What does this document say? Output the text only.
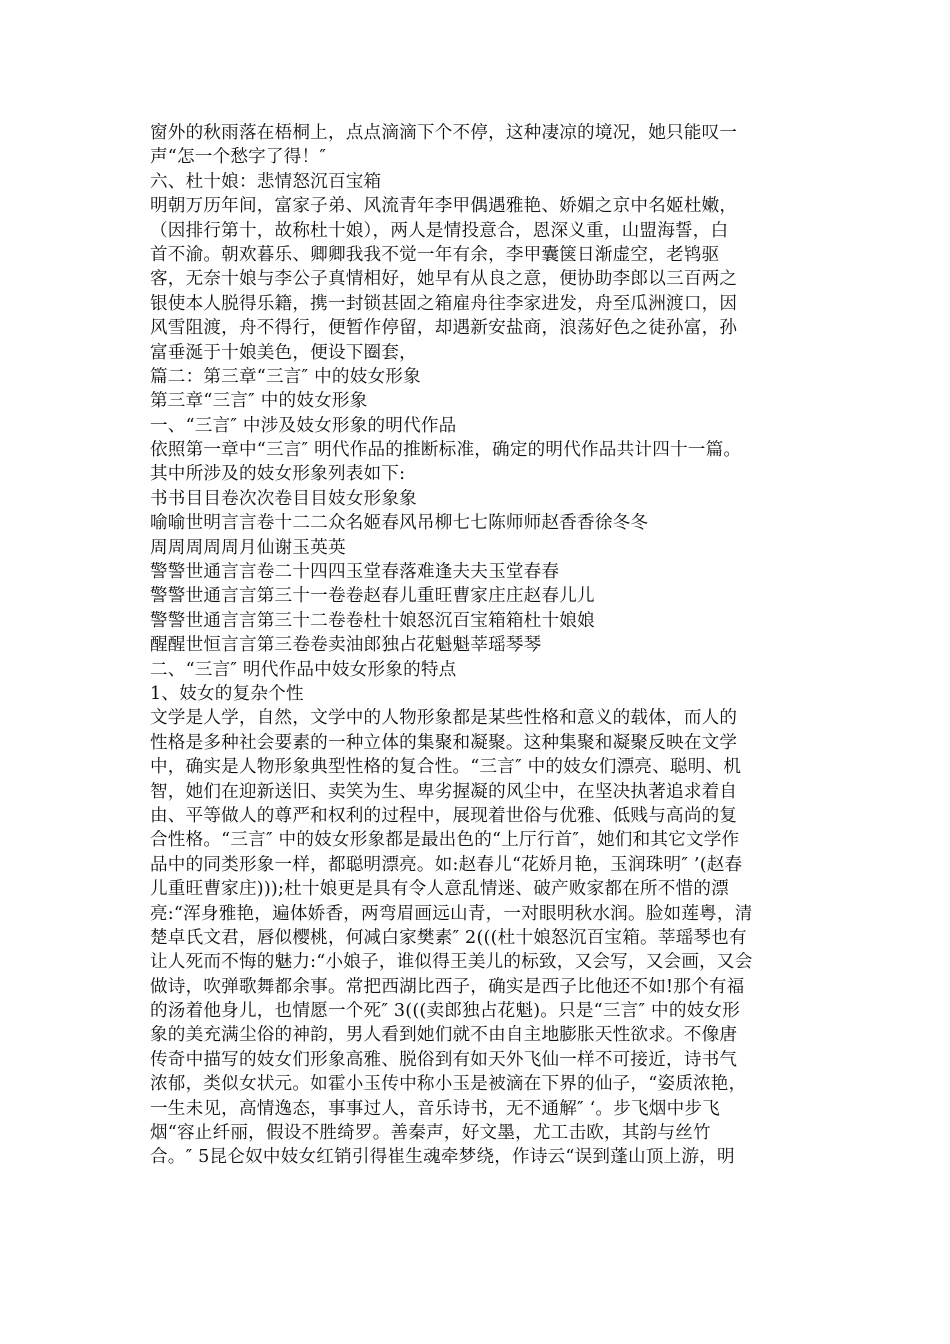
窗外的秋雨落在梧桐上，点点滴滴下个不停，这种凄凉的境况，她只能叹一
声“怎一个愁字了得！″
六、杜十娘：悲情怒沉百宝箱
明朝万历年间，富家子弟、风流青年李甲偶遇雅艳、娇媚之京中名姬杜嫩，
（因排行第十，故称杜十娘），两人是情投意合，恩深义重，山盟海誓，白
首不渝。朝欢暮乐、卿卿我我不觉一年有余，李甲囊箧日渐虚空，老鸨驱
客，无奈十娘与李公子真情相好，她早有从良之意，便协助李郎以三百两之
银使本人脱得乐籍，携一封锁甚固之箱雇舟往李家进发，舟至瓜洲渡口，因
风雪阻渡，舟不得行，便暂作停留，却遇新安盐商，浪荡好色之徒孙富，孙
富垂涎于十娘美色，便设下圈套，
篇二：第三章“三言″ 中的妓女形象
第三章“三言″ 中的妓女形象
一、“三言″ 中涉及妓女形象的明代作品
依照第一章中“三言″ 明代作品的推断标准，确定的明代作品共计四十一篇。
其中所涉及的妓女形象列表如下:
书书目目卷次次卷目目妓女形象象
喻喻世明言言卷十二二众名姬春风吊柳七七陈师师赵香香徐冬冬
周周周周周月仙谢玉英英
警警世通言言卷二十四四玉堂春落难逢夫夫玉堂春春
警警世通言言第三十一卷卷赵春儿重旺曹家庄庄赵春儿儿
警警世通言言第三十二卷卷杜十娘怒沉百宝箱箱杜十娘娘
醒醒世恒言言第三卷卷卖油郎独占花魁魁莘瑶琴琴
二、“三言″ 明代作品中妓女形象的特点
1、妓女的复杂个性
文学是人学，自然，文学中的人物形象都是某些性格和意义的载体，而人的
性格是多种社会要素的一种立体的集聚和凝聚。这种集聚和凝聚反映在文学
中，确实是人物形象典型性格的复合性。“三言″ 中的妓女们漂亮、聪明、机
智，她们在迎新送旧、卖笑为生、卑劣握凝的风尘中，在坚决执著追求着自
由、平等做人的尊严和权利的过程中，展现着世俗与优雅、低贱与高尚的复
合性格。“三言″ 中的妓女形象都是最出色的“上厅行首″，她们和其它文学作
品中的同类形象一样，都聪明漂亮。如:赵春儿“花娇月艳，玉润珠明″ ’(赵春
儿重旺曹家庄)));杜十娘更是具有令人意乱情迷、破产败家都在所不惜的漂
亮:“浑身雅艳，遍体娇香，两弯眉画远山青，一对眼明秋水润。脸如莲粤，清
楚卓氏文君，唇似樱桃，何减白家樊素″ 2(((杜十娘怒沉百宝箱。莘瑶琴也有
让人死而不悔的魅力:“小娘子，谁似得王美儿的标致，又会写，又会画，又会
做诗，吹弹歌舞都余事。常把西湖比西子，确实是西子比他还不如!那个有福
的汤着他身儿，也情愿一个死″ 3(((卖郎独占花魁)。只是“三言″ 中的妓女形
象的美充满尘俗的神韵，男人看到她们就不由自主地膨胀天性欲求。不像唐
传奇中描写的妓女们形象高雅、脱俗到有如天外飞仙一样不可接近，诗书气
浓郁，类似女状元。如霍小玉传中称小玉是被滴在下界的仙子，“姿质浓艳，
一生未见，高情逸态，事事过人，音乐诗书，无不通解″ ‘。步飞烟中步飞
烟“容止纤丽，假设不胜绮罗。善秦声，好文墨，尤工击欧，其韵与丝竹
合。″ 5昆仑奴中妓女红销引得崔生魂牵梦绕，作诗云“误到蓬山顶上游，明
